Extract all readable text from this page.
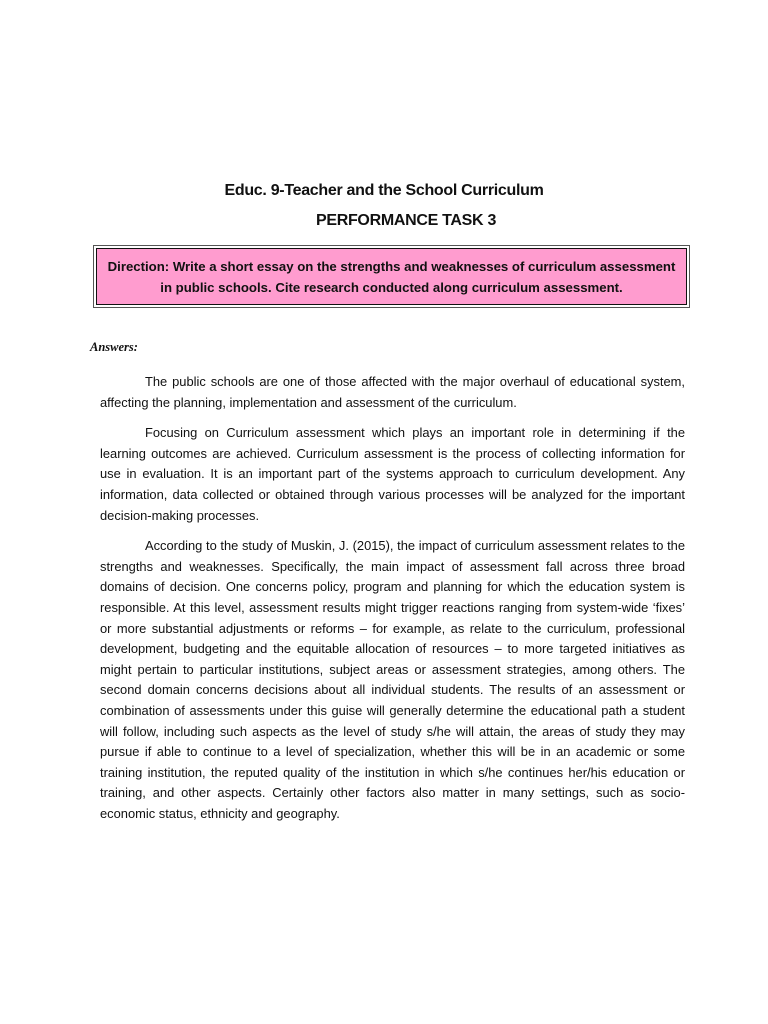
Educ. 9-Teacher and the School Curriculum
PERFORMANCE TASK 3
Direction: Write a short essay on the strengths and weaknesses of curriculum assessment in public schools. Cite research conducted along curriculum assessment.

Answers:

The public schools are one of those affected with the major overhaul of educational system, affecting the planning, implementation and assessment of the curriculum.

Focusing on Curriculum assessment which plays an important role in determining if the learning outcomes are achieved. Curriculum assessment is the process of collecting information for use in evaluation. It is an important part of the systems approach to curriculum development. Any information, data collected or obtained through various processes will be analyzed for the important decision-making processes.

According to the study of Muskin, J. (2015), the impact of curriculum assessment relates to the strengths and weaknesses. Specifically, the main impact of assessment fall across three broad domains of decision. One concerns policy, program and planning for which the education system is responsible. At this level, assessment results might trigger reactions ranging from system-wide ‘fixes’ or more substantial adjustments or reforms – for example, as relate to the curriculum, professional development, budgeting and the equitable allocation of resources – to more targeted initiatives as might pertain to particular institutions, subject areas or assessment strategies, among others. The second domain concerns decisions about all individual students. The results of an assessment or combination of assessments under this guise will generally determine the educational path a student will follow, including such aspects as the level of study s/he will attain, the areas of study they may pursue if able to continue to a level of specialization, whether this will be in an academic or some training institution, the reputed quality of the institution in which s/he continues her/his education or training, and other aspects. Certainly other factors also matter in many settings, such as socio-economic status, ethnicity and geography.
